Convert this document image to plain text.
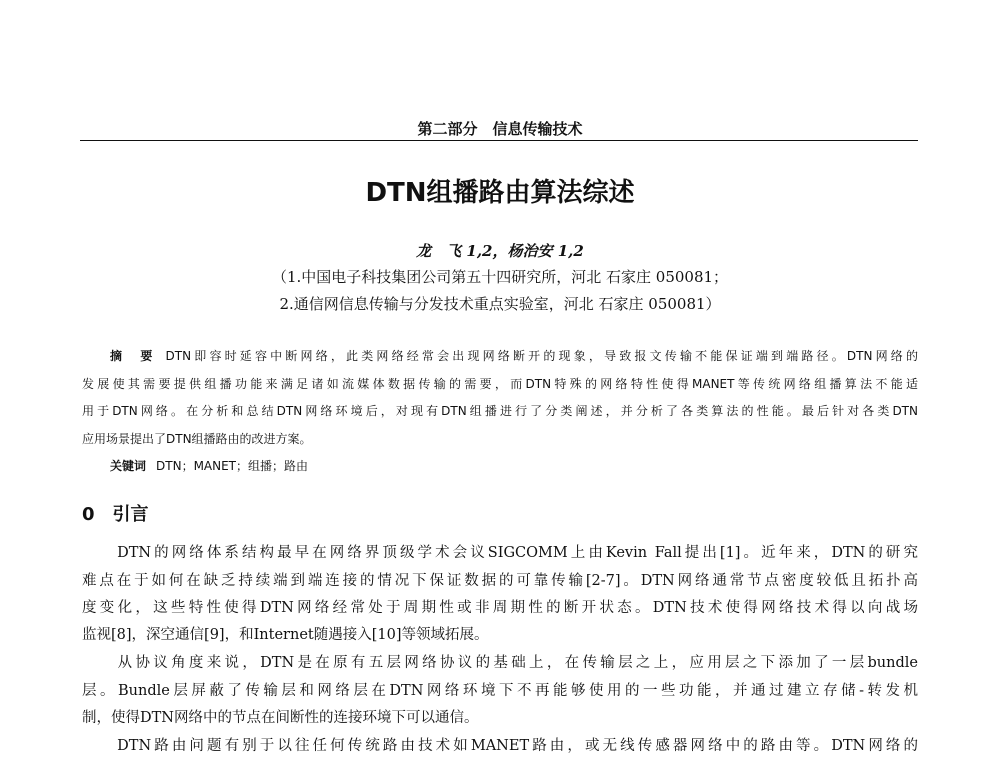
第二部分　信息传输技术
DTN组播路由算法综述
龙　飞 1,2，杨治安 1,2
（1.中国电子科技集团公司第五十四研究所，河北 石家庄 050081；
2.通信网信息传输与分发技术重点实验室，河北 石家庄 050081）
摘　要 DTN即容时延容中断网络，此类网络经常会出现网络断开的现象，导致报文传输不能保证端到端路径。DTN网络的
发展使其需要提供组播功能来满足诸如流媒体数据传输的需要，而DTN特殊的网络特性使得MANET等传统网络组播算法不能适
用于DTN网络。在分析和总结DTN网络环境后，对现有DTN组播进行了分类阐述，并分析了各类算法的性能。最后针对各类DTN
应用场景提出了DTN组播路由的改进方案。
关键词 DTN；MANET；组播；路由
0　引言
　　DTN的网络体系结构最早在网络界顶级学术会议SIGCOMM上由Kevin Fall提出[1]。近年来，DTN的研究
难点在于如何在缺乏持续端到端连接的情况下保证数据的可靠传输[2-7]。DTN网络通常节点密度较低且拓扑高
度变化，这些特性使得DTN网络经常处于周期性或非周期性的断开状态。DTN技术使得网络技术得以向战场
监视[8]，深空通信[9]，和Internet随遇接入[10]等领域拓展。
　　从协议角度来说，DTN是在原有五层网络协议的基础上，在传输层之上，应用层之下添加了一层bundle
层。Bundle层屏蔽了传输层和网络层在DTN网络环境下不再能够使用的一些功能，并通过建立存储-转发机
制，使得DTN网络中的节点在间断性的连接环境下可以通信。
　　DTN路由问题有别于以往任何传统路由技术如MANET路由，或无线传感器网络中的路由等。DTN网络的
